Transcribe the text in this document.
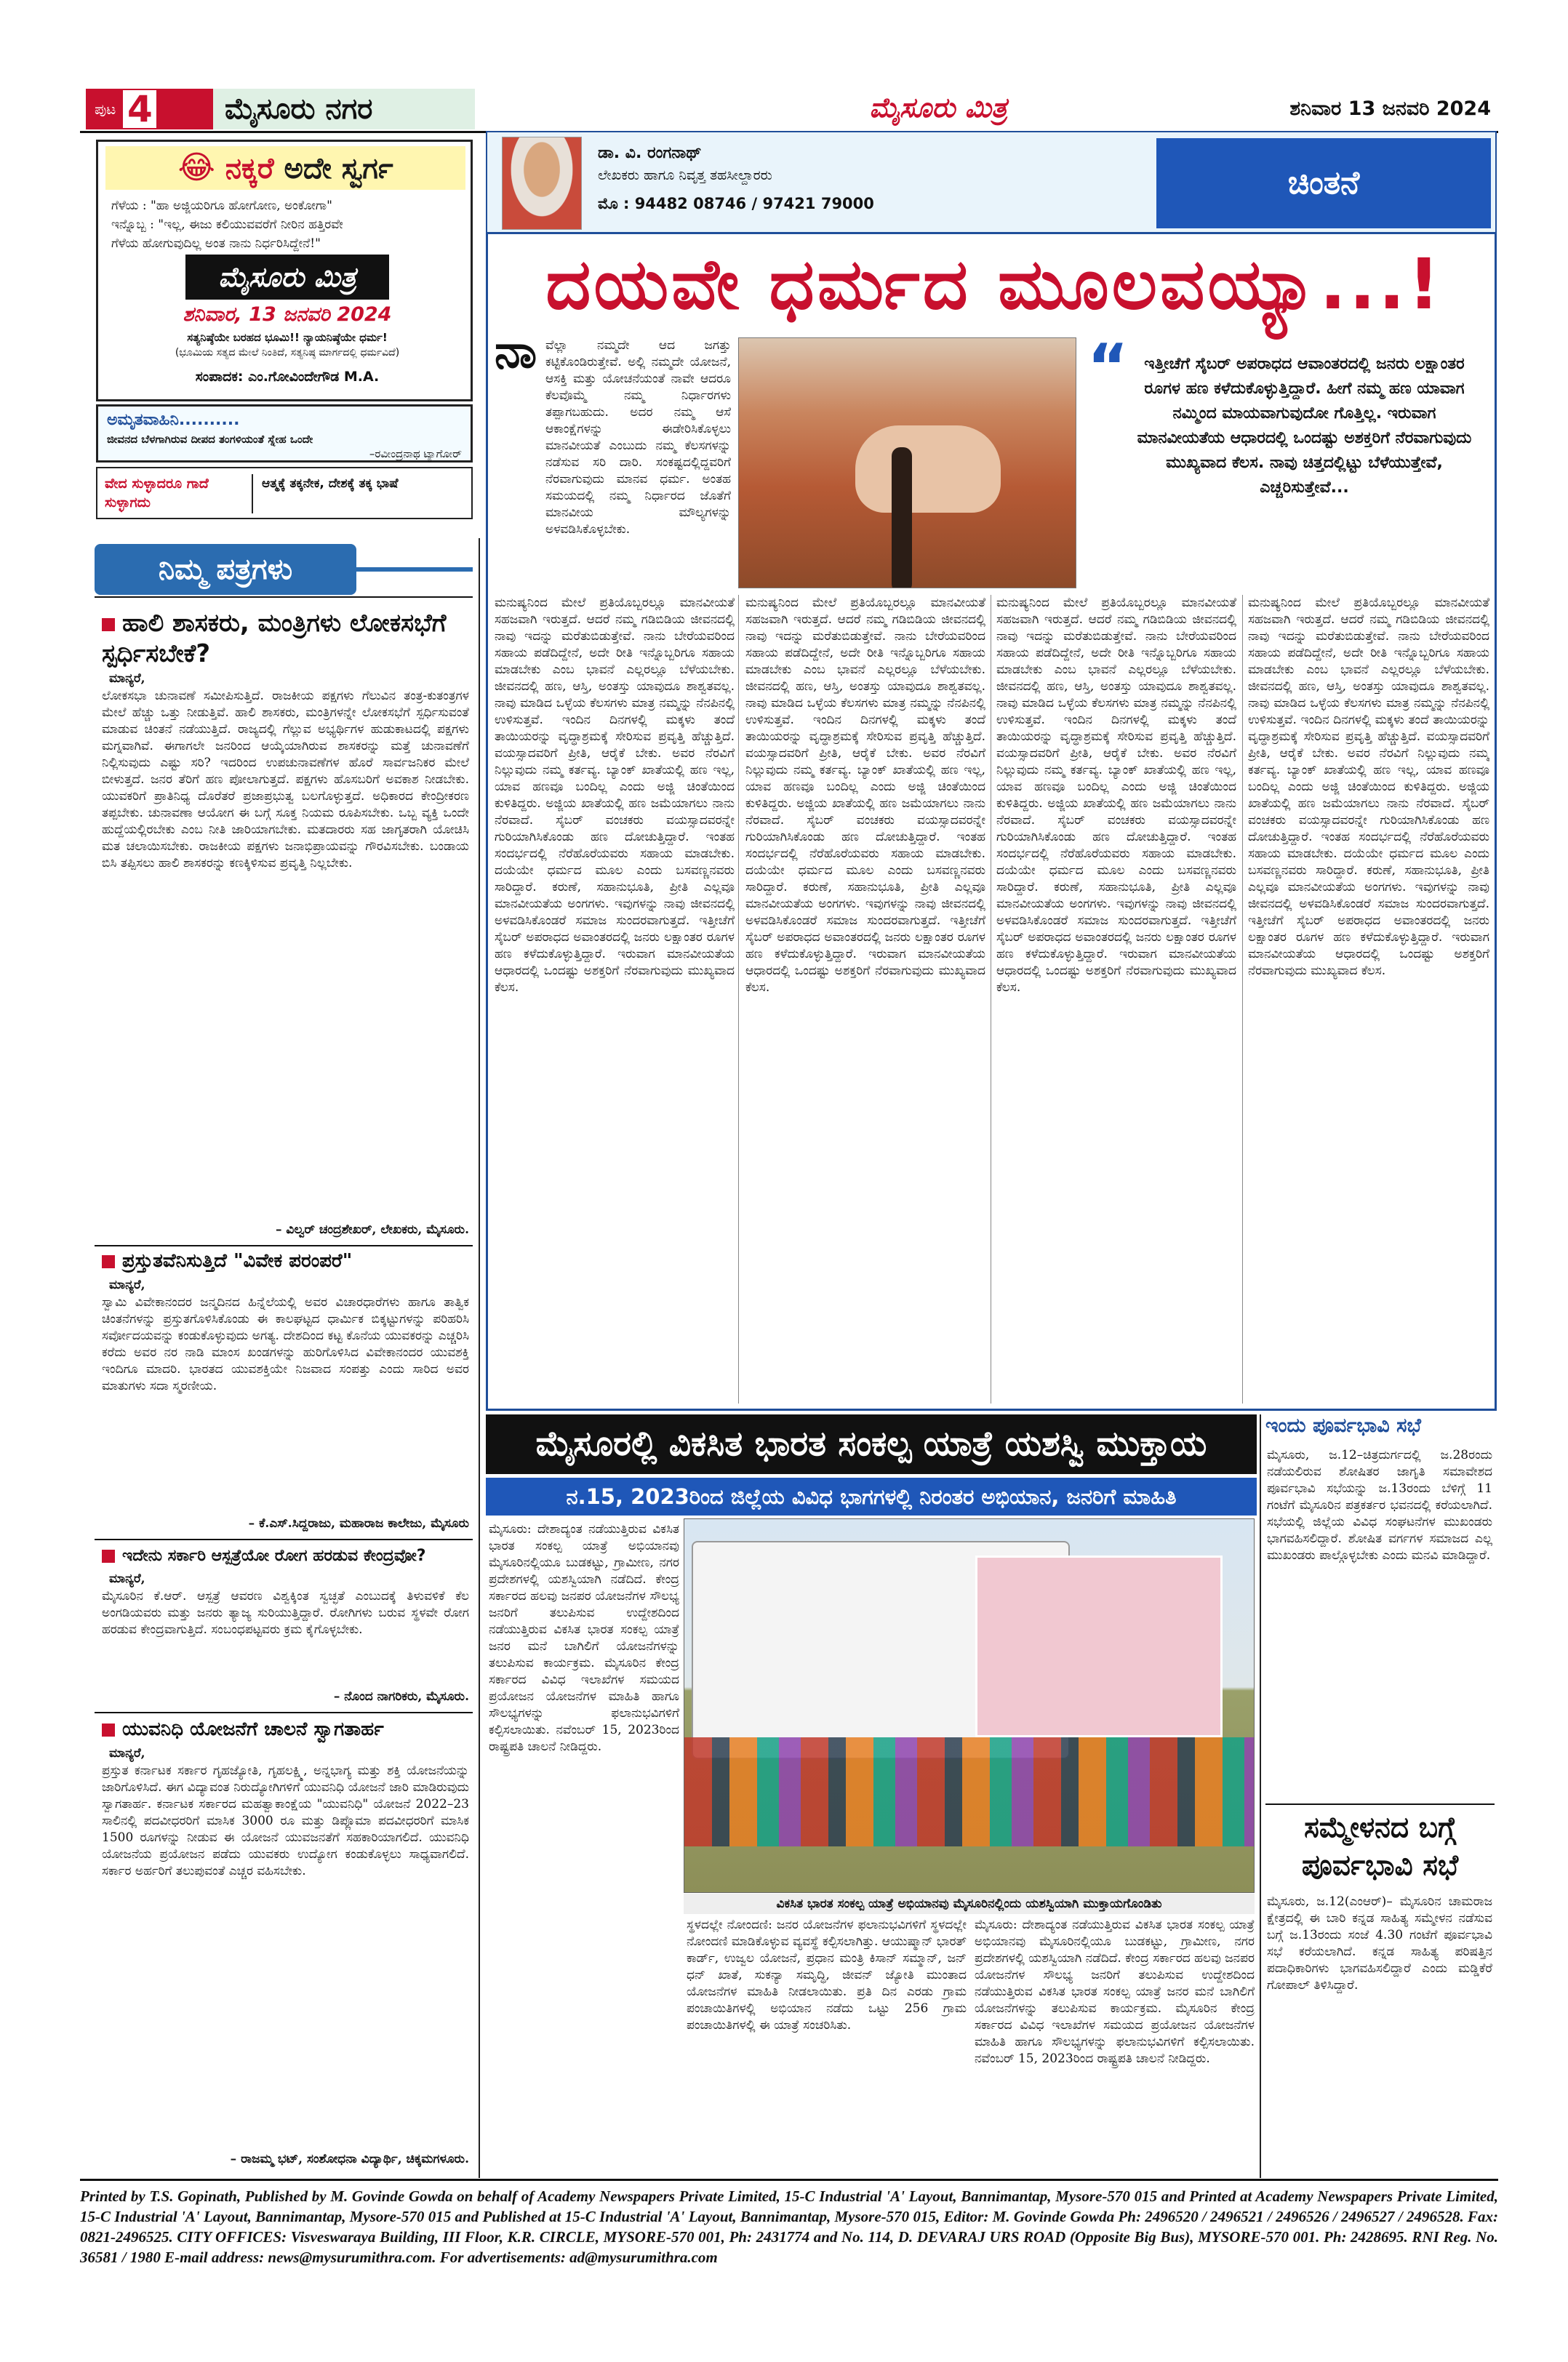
ಪುಟ 4	ಮೈಸೂರು ನಗರ	ಮೈಸೂರು ಮಿತ್ರ	ಶನಿವಾರ 13 ಜನವರಿ 2024
😂 ನಕ್ಕರೆ ಅದೇ ಸ್ವರ್ಗ
ಗೆಳೆಯ : "ಹಾ ಅಜ್ಜಿಯರಿಗೂ ಹೋಗೋಣ, ಅಂಕೋಗಾ"
ಇನ್ನೊಬ್ಬ : "ಇಲ್ಲ, ಈಜು ಕಲಿಯುವವರೆಗೆ ನೀರಿನ ಹತ್ತಿರವೇ
ಗೆಳೆಯ ಹೋಗುವುದಿಲ್ಲ ಅಂತ ನಾನು ನಿರ್ಧರಿಸಿದ್ದೇನೆ!"
ಮೈಸೂರು ಮಿತ್ರ
ಶನಿವಾರ, 13 ಜನವರಿ 2024
ಸತ್ಯನಿಷ್ಠೆಯೇ ಬರಹದ ಭೂಮಿ!! ನ್ಯಾಯನಿಷ್ಠೆಯೇ ಧರ್ಮ!
(ಭೂಮಿಯ ಸತ್ಯದ ಮೇಲೆ ನಿಂತಿದೆ, ಸತ್ಯನಿಷ್ಠ ಮಾರ್ಗದಲ್ಲಿ ಧರ್ಮವಿದೆ)
ಸಂಪಾದಕ: ಎಂ.ಗೋವಿಂದೇಗೌಡ M.A.
ಅಮೃತವಾಹಿನಿ..........
ಜೀವನದ ಬೆಳಗಾಗಿರುವ ದೀಪದ ತಂಗಳಿಯಂತೆ ಸ್ನೇಹ ಒಂದೇ
–ರವೀಂದ್ರನಾಥ ಟ್ಯಾಗೋರ್
ವೇದ ಸುಳ್ಳಾದರೂ ಗಾದೆ ಸುಳ್ಳಾಗದು
ಆತ್ಮಕ್ಕೆ ತಕ್ಕನೇಕ, ದೇಶಕ್ಕೆ ತಕ್ಕ ಭಾಷೆ
ನಿಮ್ಮ ಪತ್ರಗಳು
ಹಾಲಿ ಶಾಸಕರು, ಮಂತ್ರಿಗಳು ಲೋಕಸಭೆಗೆ ಸ್ಪರ್ಧಿಸಬೇಕೆ?
ಮಾನ್ಯರೆ,
ಲೋಕಸಭಾ ಚುನಾವಣೆ ಸಮೀಪಿಸುತ್ತಿದೆ. ರಾಜಕೀಯ ಪಕ್ಷಗಳು ಗೆಲುವಿನ ತಂತ್ರ-ಕುತಂತ್ರಗಳ ಮೇಲೆ ಹೆಚ್ಚು ಒತ್ತು ನೀಡುತ್ತಿವೆ. ಹಾಲಿ ಶಾಸಕರು, ಮಂತ್ರಿಗಳನ್ನೇ ಲೋಕಸಭೆಗೆ ಸ್ಪರ್ಧಿಸುವಂತೆ ಮಾಡುವ ಚಿಂತನೆ ನಡೆಯುತ್ತಿದೆ. ರಾಜ್ಯದಲ್ಲಿ ಗೆಲ್ಲುವ ಅಭ್ಯರ್ಥಿಗಳ ಹುಡುಕಾಟದಲ್ಲಿ ಪಕ್ಷಗಳು ಮಗ್ನವಾಗಿವೆ. ಈಗಾಗಲೇ ಜನರಿಂದ ಆಯ್ಕೆಯಾಗಿರುವ ಶಾಸಕರನ್ನು ಮತ್ತೆ ಚುನಾವಣೆಗೆ ನಿಲ್ಲಿಸುವುದು ಎಷ್ಟು ಸರಿ? ಇದರಿಂದ ಉಪಚುನಾವಣೆಗಳ ಹೊರೆ ಸಾರ್ವಜನಿಕರ ಮೇಲೆ ಬೀಳುತ್ತದೆ. ಜನರ ತೆರಿಗೆ ಹಣ ಪೋಲಾಗುತ್ತದೆ. ಪಕ್ಷಗಳು ಹೊಸಬರಿಗೆ ಅವಕಾಶ ನೀಡಬೇಕು. ಯುವಕರಿಗೆ ಪ್ರಾತಿನಿಧ್ಯ ದೊರೆತರೆ ಪ್ರಜಾಪ್ರಭುತ್ವ ಬಲಗೊಳ್ಳುತ್ತದೆ. ಅಧಿಕಾರದ ಕೇಂದ್ರೀಕರಣ ತಪ್ಪಬೇಕು. ಚುನಾವಣಾ ಆಯೋಗ ಈ ಬಗ್ಗೆ ಸೂಕ್ತ ನಿಯಮ ರೂಪಿಸಬೇಕು. ಒಬ್ಬ ವ್ಯಕ್ತಿ ಒಂದೇ ಹುದ್ದೆಯಲ್ಲಿರಬೇಕು ಎಂಬ ನೀತಿ ಜಾರಿಯಾಗಬೇಕು. ಮತದಾರರು ಸಹ ಜಾಗೃತರಾಗಿ ಯೋಚಿಸಿ ಮತ ಚಲಾಯಿಸಬೇಕು. ರಾಜಕೀಯ ಪಕ್ಷಗಳು ಜನಾಭಿಪ್ರಾಯವನ್ನು ಗೌರವಿಸಬೇಕು. ಬಂಡಾಯ ಬಿಸಿ ತಪ್ಪಿಸಲು ಹಾಲಿ ಶಾಸಕರನ್ನು ಕಣಕ್ಕಿಳಿಸುವ ಪ್ರವೃತ್ತಿ ನಿಲ್ಲಬೇಕು.
– ವಿಲ್ವರ್ ಚಂದ್ರಶೇಖರ್, ಲೇಖಕರು, ಮೈಸೂರು.
ಪ್ರಸ್ತುತವೆನಿಸುತ್ತಿದೆ "ವಿವೇಕ ಪರಂಪರೆ"
ಮಾನ್ಯರೆ,
ಸ್ವಾಮಿ ವಿವೇಕಾನಂದರ ಜನ್ಮದಿನದ ಹಿನ್ನೆಲೆಯಲ್ಲಿ ಅವರ ವಿಚಾರಧಾರೆಗಳು ಹಾಗೂ ತಾತ್ವಿಕ ಚಿಂತನೆಗಳನ್ನು ಪ್ರಸ್ತುತಗೊಳಿಸಿಕೊಂಡು ಈ ಕಾಲಘಟ್ಟದ ಧಾರ್ಮಿಕ ಬಿಕ್ಕಟ್ಟುಗಳನ್ನು ಪರಿಹರಿಸಿ ಸರ್ವೋದಯವನ್ನು ಕಂಡುಕೊಳ್ಳುವುದು ಅಗತ್ಯ. ದೇಶದಿಂದ ಕಟ್ಟ ಕೊನೆಯ ಯುವಕರನ್ನು ಎಚ್ಚರಿಸಿ ಕರೆದು ಅವರ ನರ ನಾಡಿ ಮಾಂಸ ಖಂಡಗಳನ್ನು ಹುರಿಗೊಳಿಸಿದ ವಿವೇಕಾನಂದರ ಯುವಶಕ್ತಿ ಇಂದಿಗೂ ಮಾದರಿ. ಭಾರತದ ಯುವಶಕ್ತಿಯೇ ನಿಜವಾದ ಸಂಪತ್ತು ಎಂದು ಸಾರಿದ ಅವರ ಮಾತುಗಳು ಸದಾ ಸ್ಮರಣೀಯ.
– ಕೆ.ಎಸ್.ಸಿದ್ದರಾಜು, ಮಹಾರಾಜ ಕಾಲೇಜು, ಮೈಸೂರು
ಇದೇನು ಸರ್ಕಾರಿ ಆಸ್ಪತ್ರೆಯೋ ರೋಗ ಹರಡುವ ಕೇಂದ್ರವೋ?
ಮಾನ್ಯರೆ,
ಮೈಸೂರಿನ ಕೆ.ಆರ್. ಆಸ್ಪತ್ರೆ ಆವರಣ ವಿಶ್ವಕ್ಕಿಂತ ಸ್ವಚ್ಛತೆ ಎಂಬುದಕ್ಕೆ ತಿಳುವಳಿಕೆ ಕೆಲ ಅಂಗಡಿಯವರು ಮತ್ತು ಜನರು ತ್ಯಾಜ್ಯ ಸುರಿಯುತ್ತಿದ್ದಾರೆ. ರೋಗಿಗಳು ಬರುವ ಸ್ಥಳವೇ ರೋಗ ಹರಡುವ ಕೇಂದ್ರವಾಗುತ್ತಿದೆ. ಸಂಬಂಧಪಟ್ಟವರು ಕ್ರಮ ಕೈಗೊಳ್ಳಬೇಕು.
– ನೊಂದ ನಾಗರಿಕರು, ಮೈಸೂರು.
ಯುವನಿಧಿ ಯೋಜನೆಗೆ ಚಾಲನೆ ಸ್ವಾಗತಾರ್ಹ
ಮಾನ್ಯರೆ,
ಪ್ರಸ್ತುತ ಕರ್ನಾಟಕ ಸರ್ಕಾರ ಗೃಹಜ್ಯೋತಿ, ಗೃಹಲಕ್ಷ್ಮಿ, ಅನ್ನಭಾಗ್ಯ ಮತ್ತು ಶಕ್ತಿ ಯೋಜನೆಯನ್ನು ಜಾರಿಗೊಳಿಸಿದೆ. ಈಗ ವಿದ್ಯಾವಂತ ನಿರುದ್ಯೋಗಿಗಳಿಗೆ ಯುವನಿಧಿ ಯೋಜನೆ ಜಾರಿ ಮಾಡಿರುವುದು ಸ್ವಾಗತಾರ್ಹ. ಕರ್ನಾಟಕ ಸರ್ಕಾರದ ಮಹತ್ವಾಕಾಂಕ್ಷೆಯ "ಯುವನಿಧಿ" ಯೋಜನೆ 2022–23 ಸಾಲಿನಲ್ಲಿ ಪದವೀಧರರಿಗೆ ಮಾಸಿಕ 3000 ರೂ ಮತ್ತು ಡಿಪ್ಲೊಮಾ ಪದವೀಧರರಿಗೆ ಮಾಸಿಕ 1500 ರೂಗಳನ್ನು ನೀಡುವ ಈ ಯೋಜನೆ ಯುವಜನತೆಗೆ ಸಹಕಾರಿಯಾಗಲಿದೆ. ಯುವನಿಧಿ ಯೋಜನೆಯ ಪ್ರಯೋಜನ ಪಡೆದು ಯುವಕರು ಉದ್ಯೋಗ ಕಂಡುಕೊಳ್ಳಲು ಸಾಧ್ಯವಾಗಲಿದೆ. ಸರ್ಕಾರ ಅರ್ಹರಿಗೆ ತಲುಪುವಂತೆ ಎಚ್ಚರ ವಹಿಸಬೇಕು.
– ರಾಜಮ್ಮ ಭಟ್, ಸಂಶೋಧನಾ ವಿದ್ಯಾರ್ಥಿ, ಚಿಕ್ಕಮಗಳೂರು.
ಡಾ. ವಿ. ರಂಗನಾಥ್
ಲೇಖಕರು ಹಾಗೂ ನಿವೃತ್ತ ತಹಸೀಲ್ದಾರರು
ಮೊ : 94482 08746 / 97421 79000
ಚಿಂತನೆ
ದಯವೇ ಧರ್ಮದ ಮೂಲವಯ್ಯಾ...!
ನಾ ವೆಲ್ಲಾ ನಮ್ಮದೇ ಆದ ಜಗತ್ತು ಕಟ್ಟಿಕೊಂಡಿರುತ್ತೇವೆ. ಅಲ್ಲಿ ನಮ್ಮದೇ ಯೋಜನೆ, ಆಸಕ್ತಿ ಮತ್ತು ಯೋಚನೆಯಂತೆ ನಾವೇ ಆದರೂ ಕೆಲವೊಮ್ಮೆ ನಮ್ಮ ನಿರ್ಧಾರಗಳು ತಪ್ಪಾಗಬಹುದು. ಅದರ ನಮ್ಮ ಆಸೆ ಆಕಾಂಕ್ಷೆಗಳನ್ನು ಈಡೇರಿಸಿಕೊಳ್ಳಲು ಮಾನವೀಯತೆ ಎಂಬುದು ನಮ್ಮ ಕೆಲಸಗಳನ್ನು ನಡೆಸುವ ಸರಿ ದಾರಿ. ಸಂಕಷ್ಟದಲ್ಲಿದ್ದವರಿಗೆ ನೆರವಾಗುವುದು ಮಾನವ ಧರ್ಮ. ಅಂತಹ ಸಮಯದಲ್ಲಿ ನಮ್ಮ ನಿರ್ಧಾರದ ಜೊತೆಗೆ ಮಾನವೀಯ ಮೌಲ್ಯಗಳನ್ನು ಅಳವಡಿಸಿಕೊಳ್ಳಬೇಕು.
“ ಇತ್ತೀಚೆಗೆ ಸೈಬರ್ ಅಪರಾಧದ ಆವಾಂತರದಲ್ಲಿ ಜನರು ಲಕ್ಷಾಂತರ ರೂಗಳ ಹಣ ಕಳೆದುಕೊಳ್ಳುತ್ತಿದ್ದಾರೆ. ಹೀಗೆ ನಮ್ಮ ಹಣ ಯಾವಾಗ ನಮ್ಮಿಂದ ಮಾಯವಾಗುವುದೋ ಗೊತ್ತಿಲ್ಲ. ಇರುವಾಗ ಮಾನವೀಯತೆಯ ಆಧಾರದಲ್ಲಿ ಒಂದಷ್ಟು ಅಶಕ್ತರಿಗೆ ನೆರವಾಗುವುದು ಮುಖ್ಯವಾದ ಕೆಲಸ. ನಾವು ಚಿತ್ತದಲ್ಲಿಟ್ಟು ಬೆಳೆಯುತ್ತೇವೆ, ಎಚ್ಚರಿಸುತ್ತೇವೆ...
ಮನುಷ್ಯನಿಂದ ಮೇಲೆ ಪ್ರತಿಯೊಬ್ಬರಲ್ಲೂ ಮಾನವೀಯತೆ ಸಹಜವಾಗಿ ಇರುತ್ತದೆ. ಆದರೆ ನಮ್ಮ ಗಡಿಬಿಡಿಯ ಜೀವನದಲ್ಲಿ ನಾವು ಇದನ್ನು ಮರೆತುಬಿಡುತ್ತೇವೆ. ನಾನು ಬೇರೆಯವರಿಂದ ಸಹಾಯ ಪಡೆದಿದ್ದೇನೆ, ಅದೇ ರೀತಿ ಇನ್ನೊಬ್ಬರಿಗೂ ಸಹಾಯ ಮಾಡಬೇಕು ಎಂಬ ಭಾವನೆ ಎಲ್ಲರಲ್ಲೂ ಬೆಳೆಯಬೇಕು. ಜೀವನದಲ್ಲಿ ಹಣ, ಆಸ್ತಿ, ಅಂತಸ್ತು ಯಾವುದೂ ಶಾಶ್ವತವಲ್ಲ. ನಾವು ಮಾಡಿದ ಒಳ್ಳೆಯ ಕೆಲಸಗಳು ಮಾತ್ರ ನಮ್ಮನ್ನು ನೆನಪಿನಲ್ಲಿ ಉಳಿಸುತ್ತವೆ. ಇಂದಿನ ದಿನಗಳಲ್ಲಿ ಮಕ್ಕಳು ತಂದೆ ತಾಯಿಯರನ್ನು ವೃದ್ಧಾಶ್ರಮಕ್ಕೆ ಸೇರಿಸುವ ಪ್ರವೃತ್ತಿ ಹೆಚ್ಚುತ್ತಿದೆ. ವಯಸ್ಸಾದವರಿಗೆ ಪ್ರೀತಿ, ಆರೈಕೆ ಬೇಕು. ಅವರ ನೆರವಿಗೆ ನಿಲ್ಲುವುದು ನಮ್ಮ ಕರ್ತವ್ಯ. ಬ್ಯಾಂಕ್ ಖಾತೆಯಲ್ಲಿ ಹಣ ಇಲ್ಲ, ಯಾವ ಹಣವೂ ಬಂದಿಲ್ಲ ಎಂದು ಅಜ್ಜಿ ಚಿಂತೆಯಿಂದ ಕುಳಿತಿದ್ದರು. ಅಜ್ಜಿಯ ಖಾತೆಯಲ್ಲಿ ಹಣ ಜಮೆಯಾಗಲು ನಾನು ನೆರವಾದೆ. ಸೈಬರ್ ವಂಚಕರು ವಯಸ್ಸಾದವರನ್ನೇ ಗುರಿಯಾಗಿಸಿಕೊಂಡು ಹಣ ದೋಚುತ್ತಿದ್ದಾರೆ. ಇಂತಹ ಸಂದರ್ಭದಲ್ಲಿ ನೆರೆಹೊರೆಯವರು ಸಹಾಯ ಮಾಡಬೇಕು. ದಯೆಯೇ ಧರ್ಮದ ಮೂಲ ಎಂದು ಬಸವಣ್ಣನವರು ಸಾರಿದ್ದಾರೆ. ಕರುಣೆ, ಸಹಾನುಭೂತಿ, ಪ್ರೀತಿ ಎಲ್ಲವೂ ಮಾನವೀಯತೆಯ ಅಂಗಗಳು. ಇವುಗಳನ್ನು ನಾವು ಜೀವನದಲ್ಲಿ ಅಳವಡಿಸಿಕೊಂಡರೆ ಸಮಾಜ ಸುಂದರವಾಗುತ್ತದೆ. ಇತ್ತೀಚೆಗೆ ಸೈಬರ್ ಅಪರಾಧದ ಅವಾಂತರದಲ್ಲಿ ಜನರು ಲಕ್ಷಾಂತರ ರೂಗಳ ಹಣ ಕಳೆದುಕೊಳ್ಳುತ್ತಿದ್ದಾರೆ. ಇರುವಾಗ ಮಾನವೀಯತೆಯ ಆಧಾರದಲ್ಲಿ ಒಂದಷ್ಟು ಅಶಕ್ತರಿಗೆ ನೆರವಾಗುವುದು ಮುಖ್ಯವಾದ ಕೆಲಸ.
ಮನುಷ್ಯನಿಂದ ಮೇಲೆ ಪ್ರತಿಯೊಬ್ಬರಲ್ಲೂ ಮಾನವೀಯತೆ ಸಹಜವಾಗಿ ಇರುತ್ತದೆ. ಆದರೆ ನಮ್ಮ ಗಡಿಬಿಡಿಯ ಜೀವನದಲ್ಲಿ ನಾವು ಇದನ್ನು ಮರೆತುಬಿಡುತ್ತೇವೆ. ನಾನು ಬೇರೆಯವರಿಂದ ಸಹಾಯ ಪಡೆದಿದ್ದೇನೆ, ಅದೇ ರೀತಿ ಇನ್ನೊಬ್ಬರಿಗೂ ಸಹಾಯ ಮಾಡಬೇಕು ಎಂಬ ಭಾವನೆ ಎಲ್ಲರಲ್ಲೂ ಬೆಳೆಯಬೇಕು. ಜೀವನದಲ್ಲಿ ಹಣ, ಆಸ್ತಿ, ಅಂತಸ್ತು ಯಾವುದೂ ಶಾಶ್ವತವಲ್ಲ. ನಾವು ಮಾಡಿದ ಒಳ್ಳೆಯ ಕೆಲಸಗಳು ಮಾತ್ರ ನಮ್ಮನ್ನು ನೆನಪಿನಲ್ಲಿ ಉಳಿಸುತ್ತವೆ. ಇಂದಿನ ದಿನಗಳಲ್ಲಿ ಮಕ್ಕಳು ತಂದೆ ತಾಯಿಯರನ್ನು ವೃದ್ಧಾಶ್ರಮಕ್ಕೆ ಸೇರಿಸುವ ಪ್ರವೃತ್ತಿ ಹೆಚ್ಚುತ್ತಿದೆ. ವಯಸ್ಸಾದವರಿಗೆ ಪ್ರೀತಿ, ಆರೈಕೆ ಬೇಕು. ಅವರ ನೆರವಿಗೆ ನಿಲ್ಲುವುದು ನಮ್ಮ ಕರ್ತವ್ಯ. ಬ್ಯಾಂಕ್ ಖಾತೆಯಲ್ಲಿ ಹಣ ಇಲ್ಲ, ಯಾವ ಹಣವೂ ಬಂದಿಲ್ಲ ಎಂದು ಅಜ್ಜಿ ಚಿಂತೆಯಿಂದ ಕುಳಿತಿದ್ದರು. ಅಜ್ಜಿಯ ಖಾತೆಯಲ್ಲಿ ಹಣ ಜಮೆಯಾಗಲು ನಾನು ನೆರವಾದೆ. ಸೈಬರ್ ವಂಚಕರು ವಯಸ್ಸಾದವರನ್ನೇ ಗುರಿಯಾಗಿಸಿಕೊಂಡು ಹಣ ದೋಚುತ್ತಿದ್ದಾರೆ. ಇಂತಹ ಸಂದರ್ಭದಲ್ಲಿ ನೆರೆಹೊರೆಯವರು ಸಹಾಯ ಮಾಡಬೇಕು. ದಯೆಯೇ ಧರ್ಮದ ಮೂಲ ಎಂದು ಬಸವಣ್ಣನವರು ಸಾರಿದ್ದಾರೆ. ಕರುಣೆ, ಸಹಾನುಭೂತಿ, ಪ್ರೀತಿ ಎಲ್ಲವೂ ಮಾನವೀಯತೆಯ ಅಂಗಗಳು. ಇವುಗಳನ್ನು ನಾವು ಜೀವನದಲ್ಲಿ ಅಳವಡಿಸಿಕೊಂಡರೆ ಸಮಾಜ ಸುಂದರವಾಗುತ್ತದೆ. ಇತ್ತೀಚೆಗೆ ಸೈಬರ್ ಅಪರಾಧದ ಅವಾಂತರದಲ್ಲಿ ಜನರು ಲಕ್ಷಾಂತರ ರೂಗಳ ಹಣ ಕಳೆದುಕೊಳ್ಳುತ್ತಿದ್ದಾರೆ. ಇರುವಾಗ ಮಾನವೀಯತೆಯ ಆಧಾರದಲ್ಲಿ ಒಂದಷ್ಟು ಅಶಕ್ತರಿಗೆ ನೆರವಾಗುವುದು ಮುಖ್ಯವಾದ ಕೆಲಸ.
ಮನುಷ್ಯನಿಂದ ಮೇಲೆ ಪ್ರತಿಯೊಬ್ಬರಲ್ಲೂ ಮಾನವೀಯತೆ ಸಹಜವಾಗಿ ಇರುತ್ತದೆ. ಆದರೆ ನಮ್ಮ ಗಡಿಬಿಡಿಯ ಜೀವನದಲ್ಲಿ ನಾವು ಇದನ್ನು ಮರೆತುಬಿಡುತ್ತೇವೆ. ನಾನು ಬೇರೆಯವರಿಂದ ಸಹಾಯ ಪಡೆದಿದ್ದೇನೆ, ಅದೇ ರೀತಿ ಇನ್ನೊಬ್ಬರಿಗೂ ಸಹಾಯ ಮಾಡಬೇಕು ಎಂಬ ಭಾವನೆ ಎಲ್ಲರಲ್ಲೂ ಬೆಳೆಯಬೇಕು. ಜೀವನದಲ್ಲಿ ಹಣ, ಆಸ್ತಿ, ಅಂತಸ್ತು ಯಾವುದೂ ಶಾಶ್ವತವಲ್ಲ. ನಾವು ಮಾಡಿದ ಒಳ್ಳೆಯ ಕೆಲಸಗಳು ಮಾತ್ರ ನಮ್ಮನ್ನು ನೆನಪಿನಲ್ಲಿ ಉಳಿಸುತ್ತವೆ. ಇಂದಿನ ದಿನಗಳಲ್ಲಿ ಮಕ್ಕಳು ತಂದೆ ತಾಯಿಯರನ್ನು ವೃದ್ಧಾಶ್ರಮಕ್ಕೆ ಸೇರಿಸುವ ಪ್ರವೃತ್ತಿ ಹೆಚ್ಚುತ್ತಿದೆ. ವಯಸ್ಸಾದವರಿಗೆ ಪ್ರೀತಿ, ಆರೈಕೆ ಬೇಕು. ಅವರ ನೆರವಿಗೆ ನಿಲ್ಲುವುದು ನಮ್ಮ ಕರ್ತವ್ಯ. ಬ್ಯಾಂಕ್ ಖಾತೆಯಲ್ಲಿ ಹಣ ಇಲ್ಲ, ಯಾವ ಹಣವೂ ಬಂದಿಲ್ಲ ಎಂದು ಅಜ್ಜಿ ಚಿಂತೆಯಿಂದ ಕುಳಿತಿದ್ದರು. ಅಜ್ಜಿಯ ಖಾತೆಯಲ್ಲಿ ಹಣ ಜಮೆಯಾಗಲು ನಾನು ನೆರವಾದೆ. ಸೈಬರ್ ವಂಚಕರು ವಯಸ್ಸಾದವರನ್ನೇ ಗುರಿಯಾಗಿಸಿಕೊಂಡು ಹಣ ದೋಚುತ್ತಿದ್ದಾರೆ. ಇಂತಹ ಸಂದರ್ಭದಲ್ಲಿ ನೆರೆಹೊರೆಯವರು ಸಹಾಯ ಮಾಡಬೇಕು. ದಯೆಯೇ ಧರ್ಮದ ಮೂಲ ಎಂದು ಬಸವಣ್ಣನವರು ಸಾರಿದ್ದಾರೆ. ಕರುಣೆ, ಸಹಾನುಭೂತಿ, ಪ್ರೀತಿ ಎಲ್ಲವೂ ಮಾನವೀಯತೆಯ ಅಂಗಗಳು. ಇವುಗಳನ್ನು ನಾವು ಜೀವನದಲ್ಲಿ ಅಳವಡಿಸಿಕೊಂಡರೆ ಸಮಾಜ ಸುಂದರವಾಗುತ್ತದೆ. ಇತ್ತೀಚೆಗೆ ಸೈಬರ್ ಅಪರಾಧದ ಅವಾಂತರದಲ್ಲಿ ಜನರು ಲಕ್ಷಾಂತರ ರೂಗಳ ಹಣ ಕಳೆದುಕೊಳ್ಳುತ್ತಿದ್ದಾರೆ. ಇರುವಾಗ ಮಾನವೀಯತೆಯ ಆಧಾರದಲ್ಲಿ ಒಂದಷ್ಟು ಅಶಕ್ತರಿಗೆ ನೆರವಾಗುವುದು ಮುಖ್ಯವಾದ ಕೆಲಸ.
ಮನುಷ್ಯನಿಂದ ಮೇಲೆ ಪ್ರತಿಯೊಬ್ಬರಲ್ಲೂ ಮಾನವೀಯತೆ ಸಹಜವಾಗಿ ಇರುತ್ತದೆ. ಆದರೆ ನಮ್ಮ ಗಡಿಬಿಡಿಯ ಜೀವನದಲ್ಲಿ ನಾವು ಇದನ್ನು ಮರೆತುಬಿಡುತ್ತೇವೆ. ನಾನು ಬೇರೆಯವರಿಂದ ಸಹಾಯ ಪಡೆದಿದ್ದೇನೆ, ಅದೇ ರೀತಿ ಇನ್ನೊಬ್ಬರಿಗೂ ಸಹಾಯ ಮಾಡಬೇಕು ಎಂಬ ಭಾವನೆ ಎಲ್ಲರಲ್ಲೂ ಬೆಳೆಯಬೇಕು. ಜೀವನದಲ್ಲಿ ಹಣ, ಆಸ್ತಿ, ಅಂತಸ್ತು ಯಾವುದೂ ಶಾಶ್ವತವಲ್ಲ. ನಾವು ಮಾಡಿದ ಒಳ್ಳೆಯ ಕೆಲಸಗಳು ಮಾತ್ರ ನಮ್ಮನ್ನು ನೆನಪಿನಲ್ಲಿ ಉಳಿಸುತ್ತವೆ. ಇಂದಿನ ದಿನಗಳಲ್ಲಿ ಮಕ್ಕಳು ತಂದೆ ತಾಯಿಯರನ್ನು ವೃದ್ಧಾಶ್ರಮಕ್ಕೆ ಸೇರಿಸುವ ಪ್ರವೃತ್ತಿ ಹೆಚ್ಚುತ್ತಿದೆ. ವಯಸ್ಸಾದವರಿಗೆ ಪ್ರೀತಿ, ಆರೈಕೆ ಬೇಕು. ಅವರ ನೆರವಿಗೆ ನಿಲ್ಲುವುದು ನಮ್ಮ ಕರ್ತವ್ಯ. ಬ್ಯಾಂಕ್ ಖಾತೆಯಲ್ಲಿ ಹಣ ಇಲ್ಲ, ಯಾವ ಹಣವೂ ಬಂದಿಲ್ಲ ಎಂದು ಅಜ್ಜಿ ಚಿಂತೆಯಿಂದ ಕುಳಿತಿದ್ದರು. ಅಜ್ಜಿಯ ಖಾತೆಯಲ್ಲಿ ಹಣ ಜಮೆಯಾಗಲು ನಾನು ನೆರವಾದೆ. ಸೈಬರ್ ವಂಚಕರು ವಯಸ್ಸಾದವರನ್ನೇ ಗುರಿಯಾಗಿಸಿಕೊಂಡು ಹಣ ದೋಚುತ್ತಿದ್ದಾರೆ. ಇಂತಹ ಸಂದರ್ಭದಲ್ಲಿ ನೆರೆಹೊರೆಯವರು ಸಹಾಯ ಮಾಡಬೇಕು. ದಯೆಯೇ ಧರ್ಮದ ಮೂಲ ಎಂದು ಬಸವಣ್ಣನವರು ಸಾರಿದ್ದಾರೆ. ಕರುಣೆ, ಸಹಾನುಭೂತಿ, ಪ್ರೀತಿ ಎಲ್ಲವೂ ಮಾನವೀಯತೆಯ ಅಂಗಗಳು. ಇವುಗಳನ್ನು ನಾವು ಜೀವನದಲ್ಲಿ ಅಳವಡಿಸಿಕೊಂಡರೆ ಸಮಾಜ ಸುಂದರವಾಗುತ್ತದೆ. ಇತ್ತೀಚೆಗೆ ಸೈಬರ್ ಅಪರಾಧದ ಅವಾಂತರದಲ್ಲಿ ಜನರು ಲಕ್ಷಾಂತರ ರೂಗಳ ಹಣ ಕಳೆದುಕೊಳ್ಳುತ್ತಿದ್ದಾರೆ. ಇರುವಾಗ ಮಾನವೀಯತೆಯ ಆಧಾರದಲ್ಲಿ ಒಂದಷ್ಟು ಅಶಕ್ತರಿಗೆ ನೆರವಾಗುವುದು ಮುಖ್ಯವಾದ ಕೆಲಸ.
ಮೈಸೂರಲ್ಲಿ ವಿಕಸಿತ ಭಾರತ ಸಂಕಲ್ಪ ಯಾತ್ರೆ ಯಶಸ್ವಿ ಮುಕ್ತಾಯ
ನ.15, 2023ರಿಂದ ಜಿಲ್ಲೆಯ ವಿವಿಧ ಭಾಗಗಳಲ್ಲಿ ನಿರಂತರ ಅಭಿಯಾನ, ಜನರಿಗೆ ಮಾಹಿತಿ
ಮೈಸೂರು: ದೇಶಾದ್ಯಂತ ನಡೆಯುತ್ತಿರುವ ವಿಕಸಿತ ಭಾರತ ಸಂಕಲ್ಪ ಯಾತ್ರೆ ಅಭಿಯಾನವು ಮೈಸೂರಿನಲ್ಲಿಯೂ ಬುಡಕಟ್ಟು, ಗ್ರಾಮೀಣ, ನಗರ ಪ್ರದೇಶಗಳಲ್ಲಿ ಯಶಸ್ವಿಯಾಗಿ ನಡೆದಿದೆ. ಕೇಂದ್ರ ಸರ್ಕಾರದ ಹಲವು ಜನಪರ ಯೋಜನೆಗಳ ಸೌಲಭ್ಯ ಜನರಿಗೆ ತಲುಪಿಸುವ ಉದ್ದೇಶದಿಂದ ನಡೆಯುತ್ತಿರುವ ವಿಕಸಿತ ಭಾರತ ಸಂಕಲ್ಪ ಯಾತ್ರೆ ಜನರ ಮನೆ ಬಾಗಿಲಿಗೆ ಯೋಜನೆಗಳನ್ನು ತಲುಪಿಸುವ ಕಾರ್ಯಕ್ರಮ. ಮೈಸೂರಿನ ಕೇಂದ್ರ ಸರ್ಕಾರದ ವಿವಿಧ ಇಲಾಖೆಗಳ ಸಮಯದ ಪ್ರಯೋಜನ ಯೋಜನೆಗಳ ಮಾಹಿತಿ ಹಾಗೂ ಸೌಲಭ್ಯಗಳನ್ನು ಫಲಾನುಭವಿಗಳಿಗೆ ಕಲ್ಪಿಸಲಾಯಿತು. ನವೆಂಬರ್ 15, 2023ರಿಂದ ರಾಷ್ಟ್ರಪತಿ ಚಾಲನೆ ನೀಡಿದ್ದರು.
ವಿಕಸಿತ ಭಾರತ ಸಂಕಲ್ಪ ಯಾತ್ರೆ ಅಭಿಯಾನವು ಮೈಸೂರಿನಲ್ಲಿಂದು ಯಶಸ್ವಿಯಾಗಿ ಮುಕ್ತಾಯಗೊಂಡಿತು
ಸ್ಥಳದಲ್ಲೇ ನೋಂದಣಿ: ಜನರ ಯೋಜನೆಗಳ ಫಲಾನುಭವಿಗಳಿಗೆ ಸ್ಥಳದಲ್ಲೇ ನೋಂದಣಿ ಮಾಡಿಕೊಳ್ಳುವ ವ್ಯವಸ್ಥೆ ಕಲ್ಪಿಸಲಾಗಿತ್ತು. ಆಯುಷ್ಮಾನ್ ಭಾರತ್ ಕಾರ್ಡ್, ಉಜ್ವಲ ಯೋಜನೆ, ಪ್ರಧಾನ ಮಂತ್ರಿ ಕಿಸಾನ್ ಸಮ್ಮಾನ್, ಜನ್ ಧನ್ ಖಾತೆ, ಸುಕನ್ಯಾ ಸಮೃದ್ಧಿ, ಜೀವನ್ ಜ್ಯೋತಿ ಮುಂತಾದ ಯೋಜನೆಗಳ ಮಾಹಿತಿ ನೀಡಲಾಯಿತು. ಪ್ರತಿ ದಿನ ಎರಡು ಗ್ರಾಮ ಪಂಚಾಯಿತಿಗಳಲ್ಲಿ ಅಭಿಯಾನ ನಡೆದು ಒಟ್ಟು 256 ಗ್ರಾಮ ಪಂಚಾಯಿತಿಗಳಲ್ಲಿ ಈ ಯಾತ್ರೆ ಸಂಚರಿಸಿತು.
ಮೈಸೂರು: ದೇಶಾದ್ಯಂತ ನಡೆಯುತ್ತಿರುವ ವಿಕಸಿತ ಭಾರತ ಸಂಕಲ್ಪ ಯಾತ್ರೆ ಅಭಿಯಾನವು ಮೈಸೂರಿನಲ್ಲಿಯೂ ಬುಡಕಟ್ಟು, ಗ್ರಾಮೀಣ, ನಗರ ಪ್ರದೇಶಗಳಲ್ಲಿ ಯಶಸ್ವಿಯಾಗಿ ನಡೆದಿದೆ. ಕೇಂದ್ರ ಸರ್ಕಾರದ ಹಲವು ಜನಪರ ಯೋಜನೆಗಳ ಸೌಲಭ್ಯ ಜನರಿಗೆ ತಲುಪಿಸುವ ಉದ್ದೇಶದಿಂದ ನಡೆಯುತ್ತಿರುವ ವಿಕಸಿತ ಭಾರತ ಸಂಕಲ್ಪ ಯಾತ್ರೆ ಜನರ ಮನೆ ಬಾಗಿಲಿಗೆ ಯೋಜನೆಗಳನ್ನು ತಲುಪಿಸುವ ಕಾರ್ಯಕ್ರಮ. ಮೈಸೂರಿನ ಕೇಂದ್ರ ಸರ್ಕಾರದ ವಿವಿಧ ಇಲಾಖೆಗಳ ಸಮಯದ ಪ್ರಯೋಜನ ಯೋಜನೆಗಳ ಮಾಹಿತಿ ಹಾಗೂ ಸೌಲಭ್ಯಗಳನ್ನು ಫಲಾನುಭವಿಗಳಿಗೆ ಕಲ್ಪಿಸಲಾಯಿತು. ನವೆಂಬರ್ 15, 2023ರಿಂದ ರಾಷ್ಟ್ರಪತಿ ಚಾಲನೆ ನೀಡಿದ್ದರು.
ಇಂದು ಪೂರ್ವಭಾವಿ ಸಭೆ
ಮೈಸೂರು, ಜ.12–ಚಿತ್ರದುರ್ಗದಲ್ಲಿ ಜ.28ರಂದು ನಡೆಯಲಿರುವ ಶೋಷಿತರ ಜಾಗೃತಿ ಸಮಾವೇಶದ ಪೂರ್ವಭಾವಿ ಸಭೆಯನ್ನು ಜ.13ರಂದು ಬೆಳಿಗ್ಗೆ 11 ಗಂಟೆಗೆ ಮೈಸೂರಿನ ಪತ್ರಕರ್ತರ ಭವನದಲ್ಲಿ ಕರೆಯಲಾಗಿದೆ. ಸಭೆಯಲ್ಲಿ ಜಿಲ್ಲೆಯ ವಿವಿಧ ಸಂಘಟನೆಗಳ ಮುಖಂಡರು ಭಾಗವಹಿಸಲಿದ್ದಾರೆ. ಶೋಷಿತ ವರ್ಗಗಳ ಸಮಾಜದ ಎಲ್ಲ ಮುಖಂಡರು ಪಾಲ್ಗೊಳ್ಳಬೇಕು ಎಂದು ಮನವಿ ಮಾಡಿದ್ದಾರೆ.
ಸಮ್ಮೇಳನದ ಬಗ್ಗೆ ಪೂರ್ವಭಾವಿ ಸಭೆ
ಮೈಸೂರು, ಜ.12(ಎಂಆರ್)– ಮೈಸೂರಿನ ಚಾಮರಾಜ ಕ್ಷೇತ್ರದಲ್ಲಿ ಈ ಬಾರಿ ಕನ್ನಡ ಸಾಹಿತ್ಯ ಸಮ್ಮೇಳನ ನಡೆಸುವ ಬಗ್ಗೆ ಜ.13ರಂದು ಸಂಜೆ 4.30 ಗಂಟೆಗೆ ಪೂರ್ವಭಾವಿ ಸಭೆ ಕರೆಯಲಾಗಿದೆ. ಕನ್ನಡ ಸಾಹಿತ್ಯ ಪರಿಷತ್ತಿನ ಪದಾಧಿಕಾರಿಗಳು ಭಾಗವಹಿಸಲಿದ್ದಾರೆ ಎಂದು ಮಡ್ಡಿಕೆರೆ ಗೋಪಾಲ್ ತಿಳಿಸಿದ್ದಾರೆ.
Printed by T.S. Gopinath, Published by M. Govinde Gowda on behalf of Academy Newspapers Private Limited, 15-C Industrial 'A' Layout, Bannimantap, Mysore-570 015 and Printed at Academy Newspapers Private Limited, 15-C Industrial 'A' Layout, Bannimantap, Mysore-570 015 and Published at 15-C Industrial 'A' Layout, Bannimantap, Mysore-570 015, Editor: M. Govinde Gowda Ph: 2496520 / 2496521 / 2496526 / 2496527 / 2496528. Fax: 0821-2496525. CITY OFFICES: Visveswaraya Building, III Floor, K.R. CIRCLE, MYSORE-570 001, Ph: 2431774 and No. 114, D. DEVARAJ URS ROAD (Opposite Big Bus), MYSORE-570 001. Ph: 2428695. RNI Reg. No. 36581 / 1980 E-mail address: news@mysurumithra.com. For advertisements: ad@mysurumithra.com
